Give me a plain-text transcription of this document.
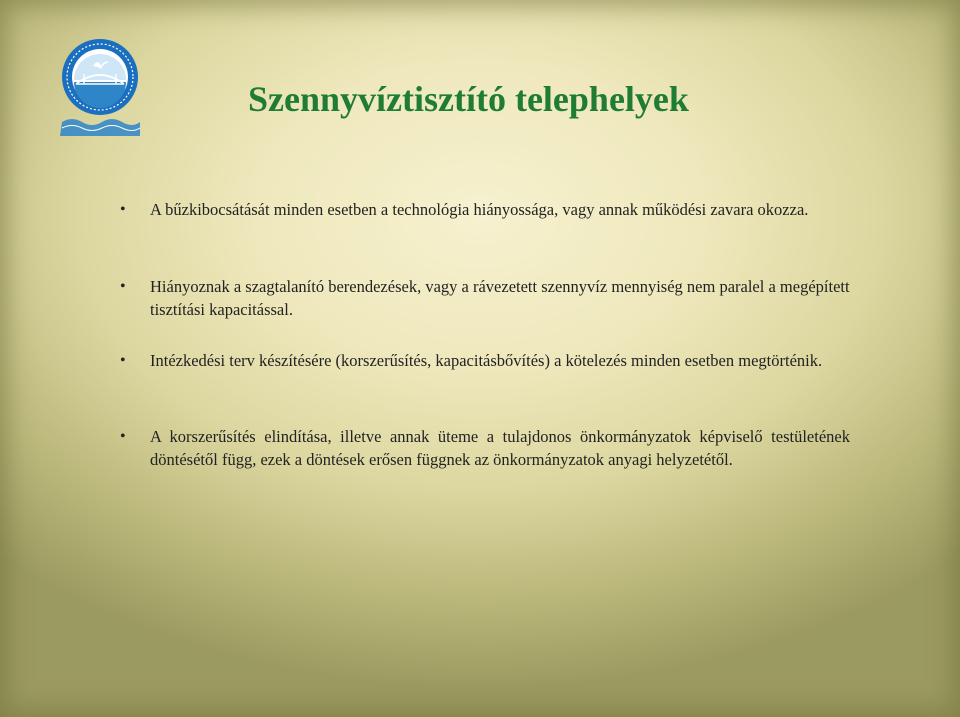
Szennyvíztisztító telephelyek
• A bűzkibocsátását minden esetben a technológia hiányossága, vagy annak működési zavara okozza.
• Hiányoznak a szagtalanító berendezések, vagy a rávezetett szennyvíz mennyiség nem paralel a megépített tisztítási kapacitással.
• Intézkedési terv készítésére (korszerűsítés, kapacitásbővítés) a kötelezés minden esetben megtörténik.
• A korszerűsítés elindítása, illetve annak üteme a tulajdonos önkormányzatok képviselő testületének döntésétől függ, ezek a döntések erősen függnek az önkormányzatok anyagi helyzetétől.
